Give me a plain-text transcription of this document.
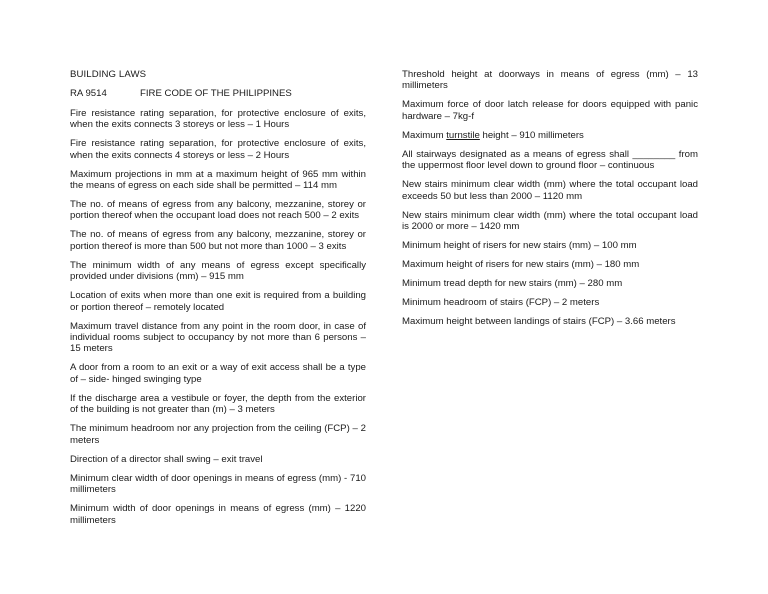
BUILDING LAWS
RA 9514	FIRE CODE OF THE PHILIPPINES

Fire resistance rating separation, for protective enclosure of exits, when the exits connects 3 storeys or less – 1 Hours

Fire resistance rating separation, for protective enclosure of exits, when the exits connects 4 storeys or less – 2 Hours

Maximum projections in mm at a maximum height of 965 mm within the means of egress on each side shall be permitted – 114 mm

The no. of means of egress from any balcony, mezzanine, storey or portion thereof when the occupant load does not reach 500 – 2 exits

The no. of means of egress from any balcony, mezzanine, storey or portion thereof is more than 500 but not more than 1000 – 3 exits

The minimum width of any means of egress except specifically provided under divisions (mm) – 915 mm

Location of exits when more than one exit is required from a building or portion thereof – remotely located

Maximum travel distance from any point in the room door, in case of individual rooms subject to occupancy by not more than 6 persons – 15 meters

A door from a room to an exit or a way of exit access shall be a type of – side- hinged swinging type

If the discharge area a vestibule or foyer, the depth from the exterior of the building is not greater than (m) – 3 meters

The minimum headroom nor any projection from the ceiling (FCP) – 2 meters

Direction of a director shall swing – exit travel

Minimum clear width of door openings in means of egress (mm) - 710 millimeters

Minimum width of door openings in means of egress (mm) – 1220 millimeters

Threshold height at doorways in means of egress (mm) – 13 millimeters

Maximum force of door latch release for doors equipped with panic hardware – 7kg-f

Maximum turnstile height – 910 millimeters

All stairways designated as a means of egress shall ________ from the uppermost floor level down to ground floor – continuous

New stairs minimum clear width (mm) where the total occupant load exceeds 50 but less than 2000 – 1120 mm

New stairs minimum clear width (mm) where the total occupant load is 2000 or more – 1420 mm

Minimum height of risers for new stairs (mm) – 100 mm

Maximum height of risers for new stairs (mm) – 180 mm

Minimum tread depth for new stairs (mm) – 280 mm

Minimum headroom of stairs (FCP) – 2 meters

Maximum height between landings of stairs (FCP) – 3.66 meters
